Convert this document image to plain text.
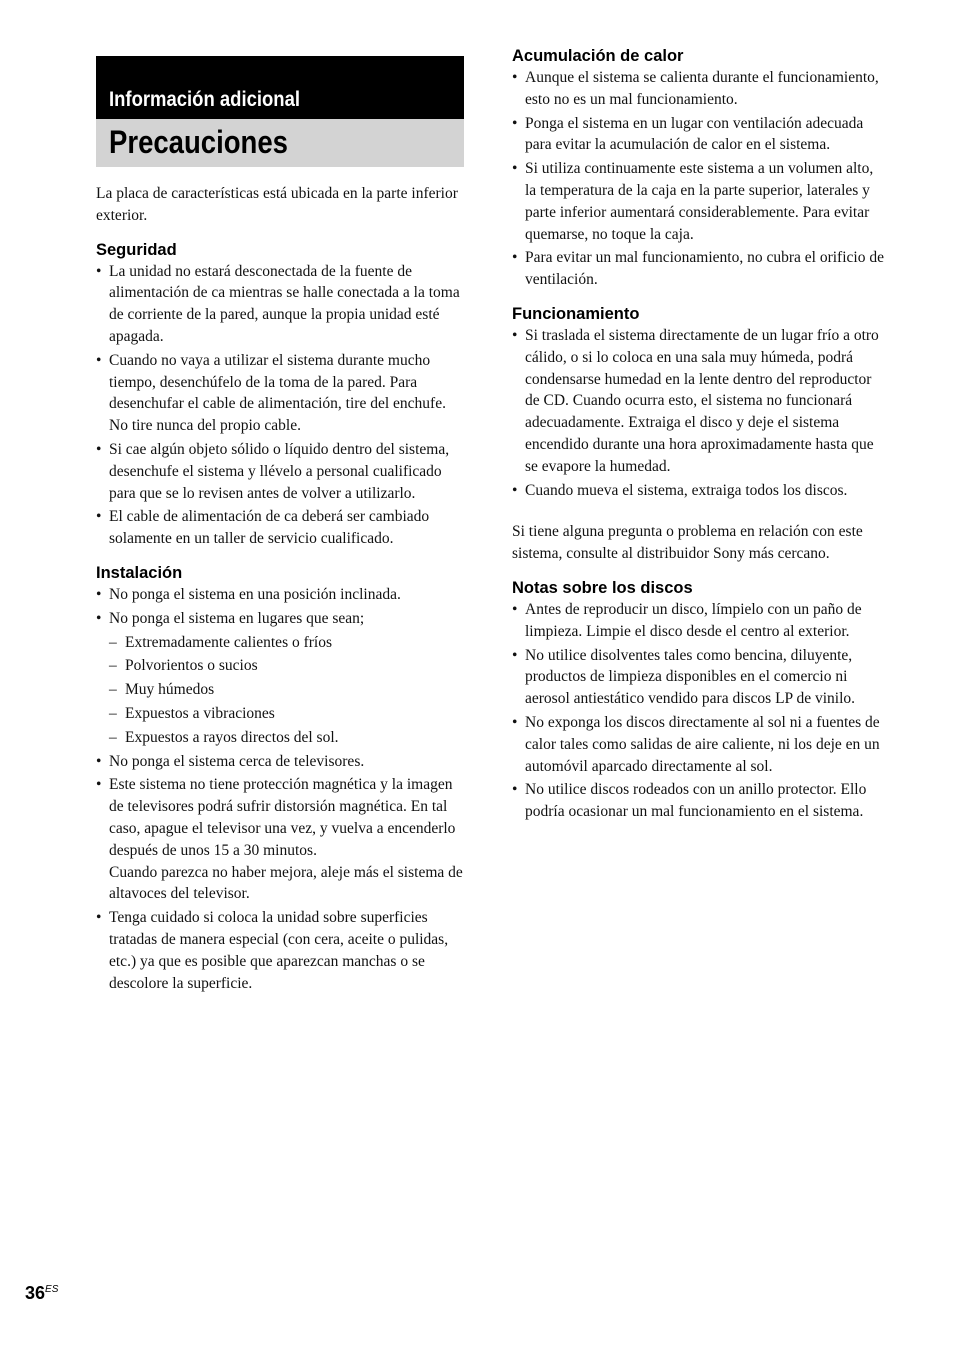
Información adicional
Precauciones

La placa de características está ubicada en la parte inferior exterior.

Seguridad
• La unidad no estará desconectada de la fuente de alimentación de ca mientras se halle conectada a la toma de corriente de la pared, aunque la propia unidad esté apagada.
• Cuando no vaya a utilizar el sistema durante mucho tiempo, desenchúfelo de la toma de la pared. Para desenchufar el cable de alimentación, tire del enchufe. No tire nunca del propio cable.
• Si cae algún objeto sólido o líquido dentro del sistema, desenchufe el sistema y llévelo a personal cualificado para que se lo revisen antes de volver a utilizarlo.
• El cable de alimentación de ca deberá ser cambiado solamente en un taller de servicio cualificado.
Instalación
• No ponga el sistema en una posición inclinada.
• No ponga el sistema en lugares que sean;
– Extremadamente calientes o fríos
– Polvorientos o sucios
– Muy húmedos
– Expuestos a vibraciones
– Expuestos a rayos directos del sol.
• No ponga el sistema cerca de televisores.
• Este sistema no tiene protección magnética y la imagen de televisores podrá sufrir distorsión magnética. En tal caso, apague el televisor una vez, y vuelva a encenderlo después de unos 15 a 30 minutos.
Cuando parezca no haber mejora, aleje más el sistema de altavoces del televisor.
• Tenga cuidado si coloca la unidad sobre superficies tratadas de manera especial (con cera, aceite o pulidas, etc.) ya que es posible que aparezcan manchas o se descolore la superficie.
Acumulación de calor
• Aunque el sistema se calienta durante el funcionamiento, esto no es un mal funcionamiento.
• Ponga el sistema en un lugar con ventilación adecuada para evitar la acumulación de calor en el sistema.
• Si utiliza continuamente este sistema a un volumen alto, la temperatura de la caja en la parte superior, laterales y parte inferior aumentará considerablemente. Para evitar quemarse, no toque la caja.
• Para evitar un mal funcionamiento, no cubra el orificio de ventilación.
Funcionamiento
• Si traslada el sistema directamente de un lugar frío a otro cálido, o si lo coloca en una sala muy húmeda, podrá condensarse humedad en la lente dentro del reproductor de CD. Cuando ocurra esto, el sistema no funcionará adecuadamente. Extraiga el disco y deje el sistema encendido durante una hora aproximadamente hasta que se evapore la humedad.
• Cuando mueva el sistema, extraiga todos los discos.

Si tiene alguna pregunta o problema en relación con este sistema, consulte al distribuidor Sony más cercano.

Notas sobre los discos
• Antes de reproducir un disco, límpielo con un paño de limpieza. Limpie el disco desde el centro al exterior.
• No utilice disolventes tales como bencina, diluyente, productos de limpieza disponibles en el comercio ni aerosol antiestático vendido para discos LP de vinilo.
• No exponga los discos directamente al sol ni a fuentes de calor tales como salidas de aire caliente, ni los deje en un automóvil aparcado directamente al sol.
• No utilice discos rodeados con un anillo protector. Ello podría ocasionar un mal funcionamiento en el sistema.
$36^{ES}$
